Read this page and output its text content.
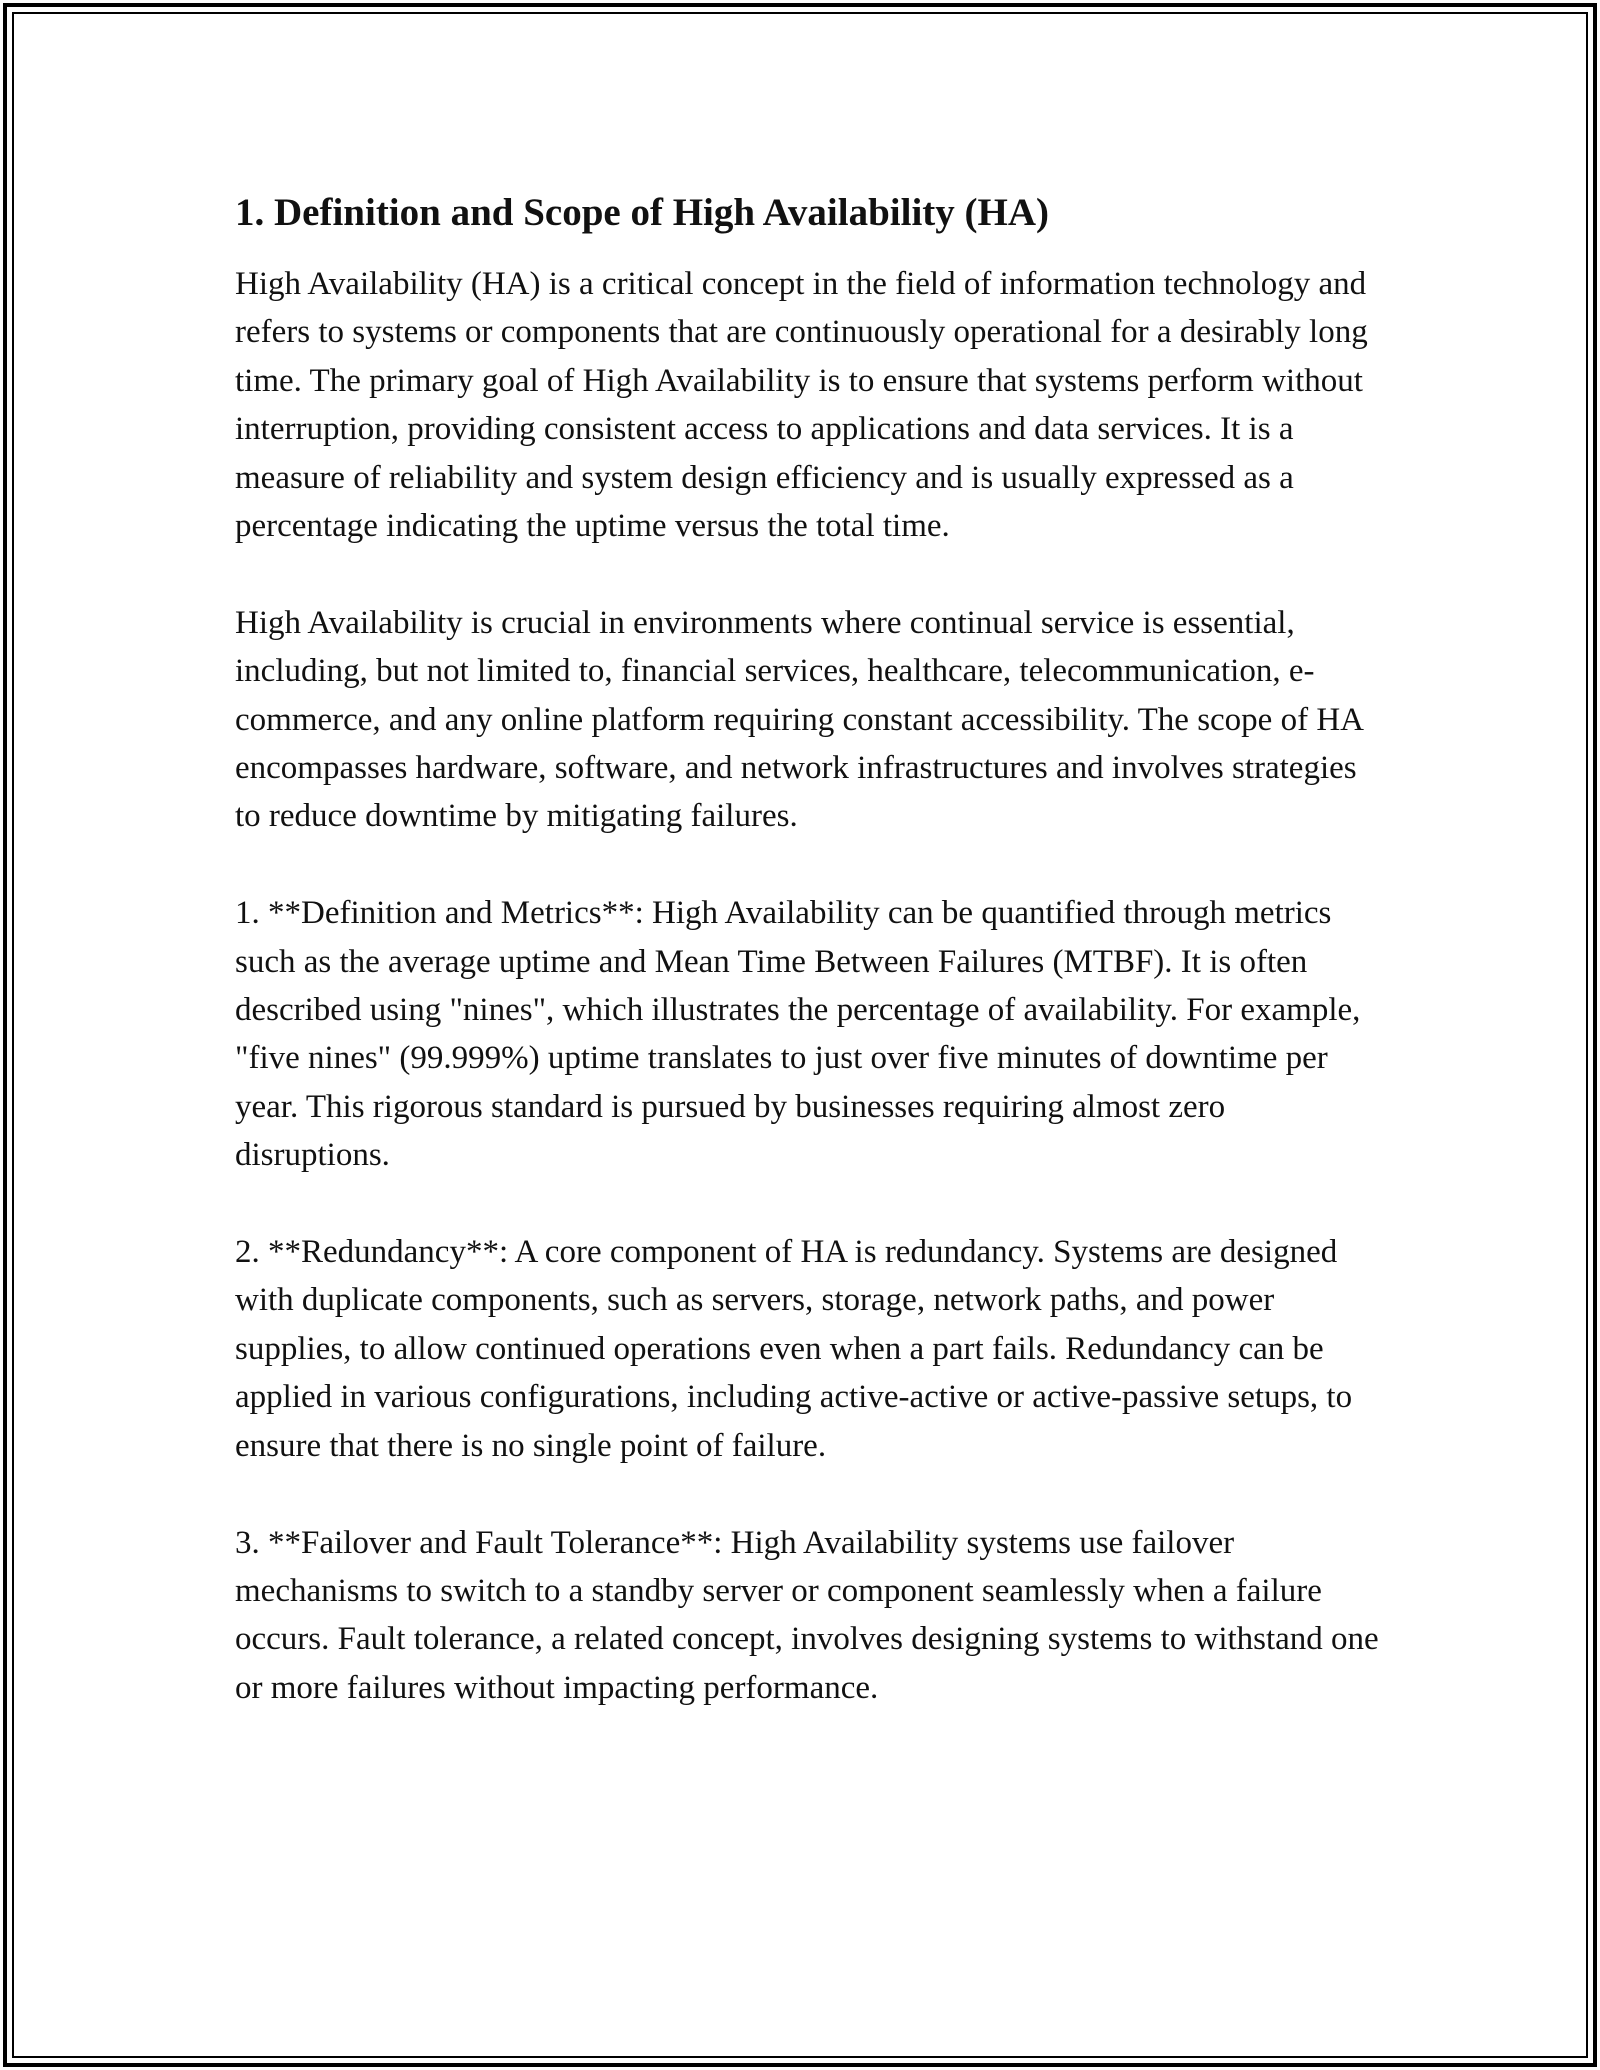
1. Definition and Scope of High Availability (HA)

High Availability (HA) is a critical concept in the field of information technology and refers to systems or components that are continuously operational for a desirably long time. The primary goal of High Availability is to ensure that systems perform without interruption, providing consistent access to applications and data services. It is a measure of reliability and system design efficiency and is usually expressed as a percentage indicating the uptime versus the total time.

High Availability is crucial in environments where continual service is essential, including, but not limited to, financial services, healthcare, telecommunication, e-commerce, and any online platform requiring constant accessibility. The scope of HA encompasses hardware, software, and network infrastructures and involves strategies to reduce downtime by mitigating failures.

1. **Definition and Metrics**: High Availability can be quantified through metrics such as the average uptime and Mean Time Between Failures (MTBF). It is often described using "nines", which illustrates the percentage of availability. For example, "five nines" (99.999%) uptime translates to just over five minutes of downtime per year. This rigorous standard is pursued by businesses requiring almost zero disruptions.

2. **Redundancy**: A core component of HA is redundancy. Systems are designed with duplicate components, such as servers, storage, network paths, and power supplies, to allow continued operations even when a part fails. Redundancy can be applied in various configurations, including active-active or active-passive setups, to ensure that there is no single point of failure.

3. **Failover and Fault Tolerance**: High Availability systems use failover mechanisms to switch to a standby server or component seamlessly when a failure occurs. Fault tolerance, a related concept, involves designing systems to withstand one or more failures without impacting performance.
